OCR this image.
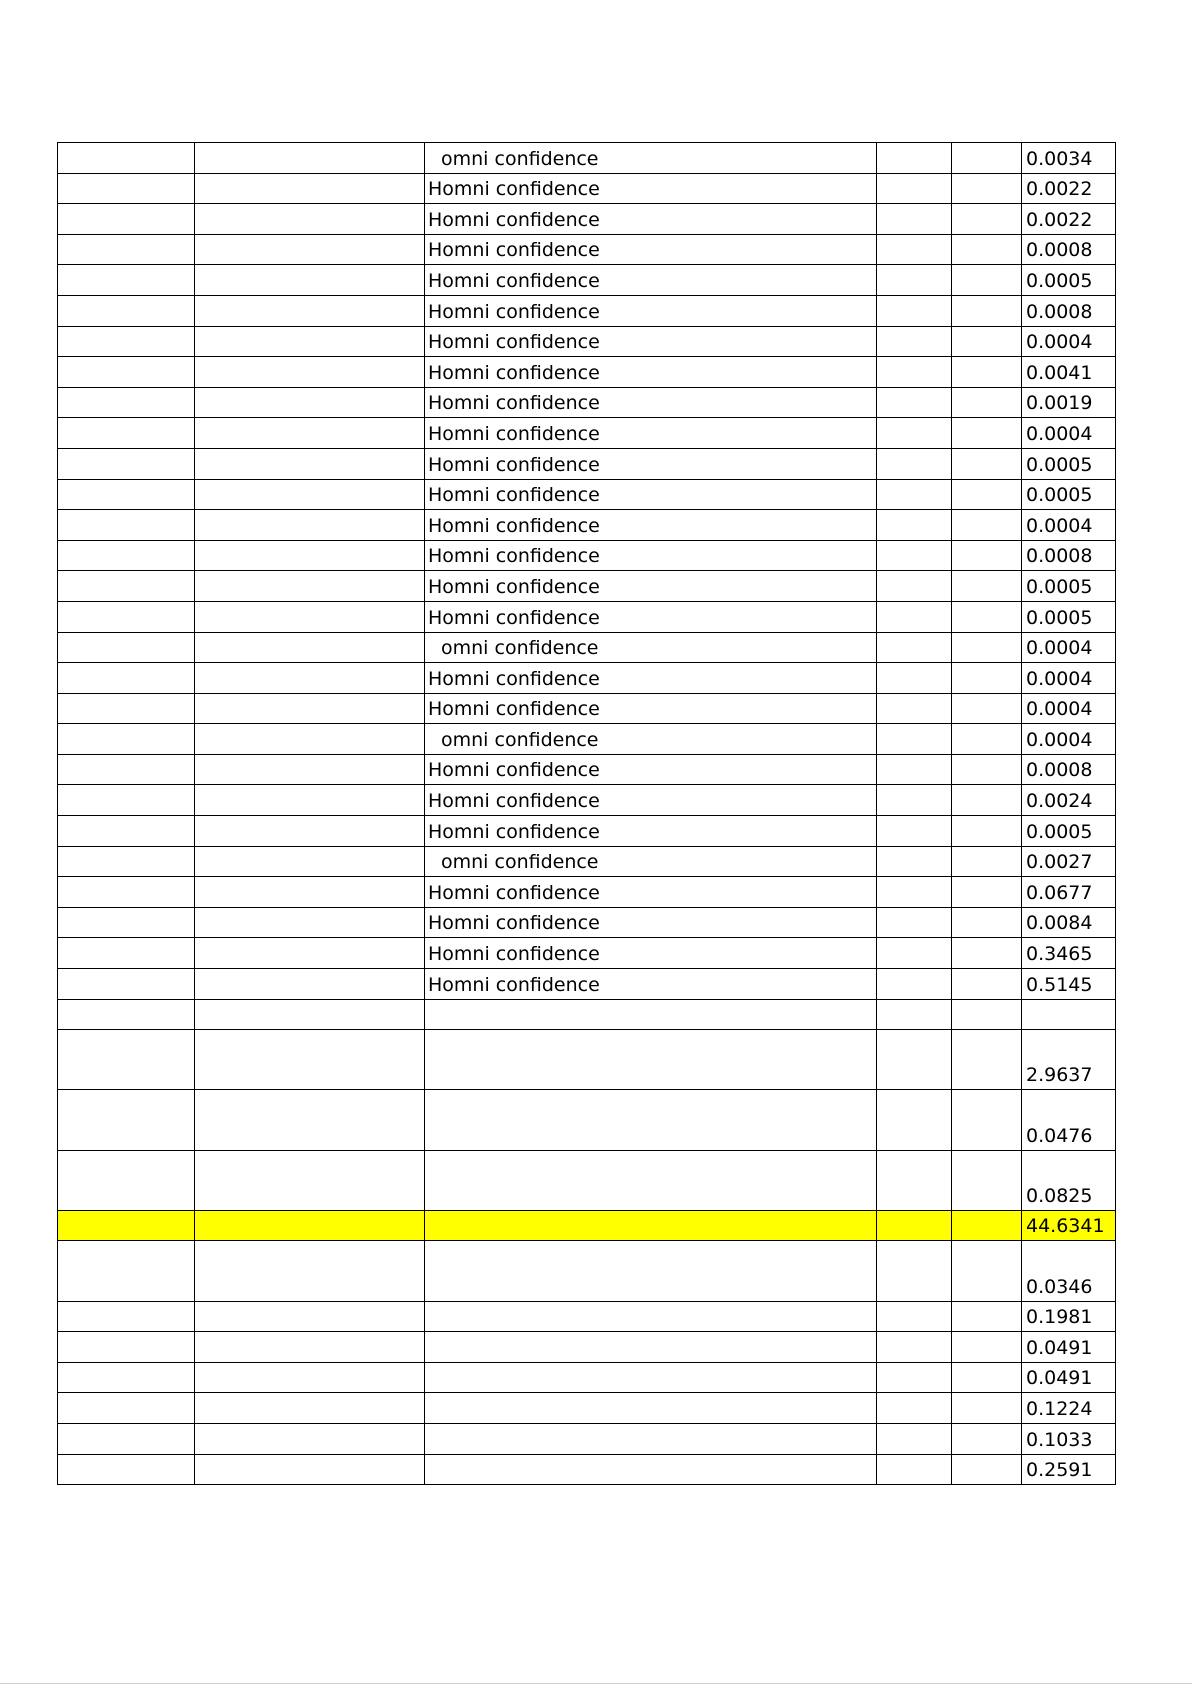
		omni confidence			0.0034
		Homni confidence			0.0022
		Homni confidence			0.0022
		Homni confidence			0.0008
		Homni confidence			0.0005
		Homni confidence			0.0008
		Homni confidence			0.0004
		Homni confidence			0.0041
		Homni confidence			0.0019
		Homni confidence			0.0004
		Homni confidence			0.0005
		Homni confidence			0.0005
		Homni confidence			0.0004
		Homni confidence			0.0008
		Homni confidence			0.0005
		Homni confidence			0.0005
		omni confidence			0.0004
		Homni confidence			0.0004
		Homni confidence			0.0004
		omni confidence			0.0004
		Homni confidence			0.0008
		Homni confidence			0.0024
		Homni confidence			0.0005
		omni confidence			0.0027
		Homni confidence			0.0677
		Homni confidence			0.0084
		Homni confidence			0.3465
		Homni confidence			0.5145

					2.9637
					0.0476
					0.0825
					44.6341
					0.0346
					0.1981
					0.0491
					0.0491
					0.1224
					0.1033
					0.2591
